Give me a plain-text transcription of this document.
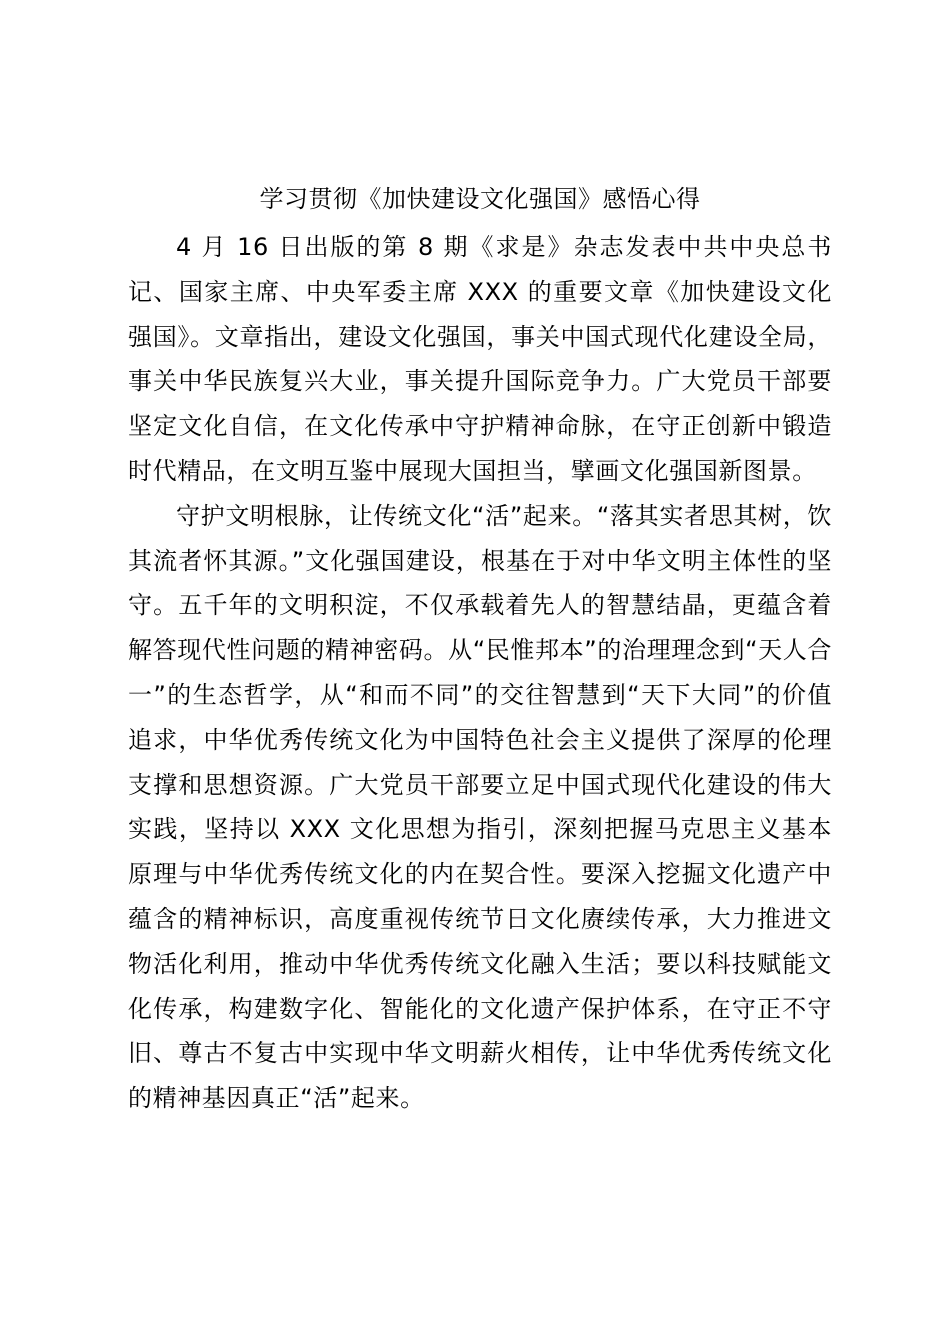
学习贯彻《加快建设文化强国》感悟心得

4 月 16 日出版的第 8 期《求是》杂志发表中共中央总书记、国家主席、中央军委主席 XXX 的重要文章《加快建设文化强国》。文章指出，建设文化强国，事关中国式现代化建设全局，事关中华民族复兴大业，事关提升国际竞争力。广大党员干部要坚定文化自信，在文化传承中守护精神命脉，在守正创新中锻造时代精品，在文明互鉴中展现大国担当，擘画文化强国新图景。

守护文明根脉，让传统文化“活”起来。“落其实者思其树，饮其流者怀其源。”文化强国建设，根基在于对中华文明主体性的坚守。五千年的文明积淀，不仅承载着先人的智慧结晶，更蕴含着解答现代性问题的精神密码。从“民惟邦本”的治理理念到“天人合一”的生态哲学，从“和而不同”的交往智慧到“天下大同”的价值追求，中华优秀传统文化为中国特色社会主义提供了深厚的伦理支撑和思想资源。广大党员干部要立足中国式现代化建设的伟大实践，坚持以 XXX 文化思想为指引，深刻把握马克思主义基本原理与中华优秀传统文化的内在契合性。要深入挖掘文化遗产中蕴含的精神标识，高度重视传统节日文化赓续传承，大力推进文物活化利用，推动中华优秀传统文化融入生活；要以科技赋能文化传承，构建数字化、智能化的文化遗产保护体系，在守正不守旧、尊古不复古中实现中华文明薪火相传，让中华优秀传统文化的精神基因真正“活”起来。
